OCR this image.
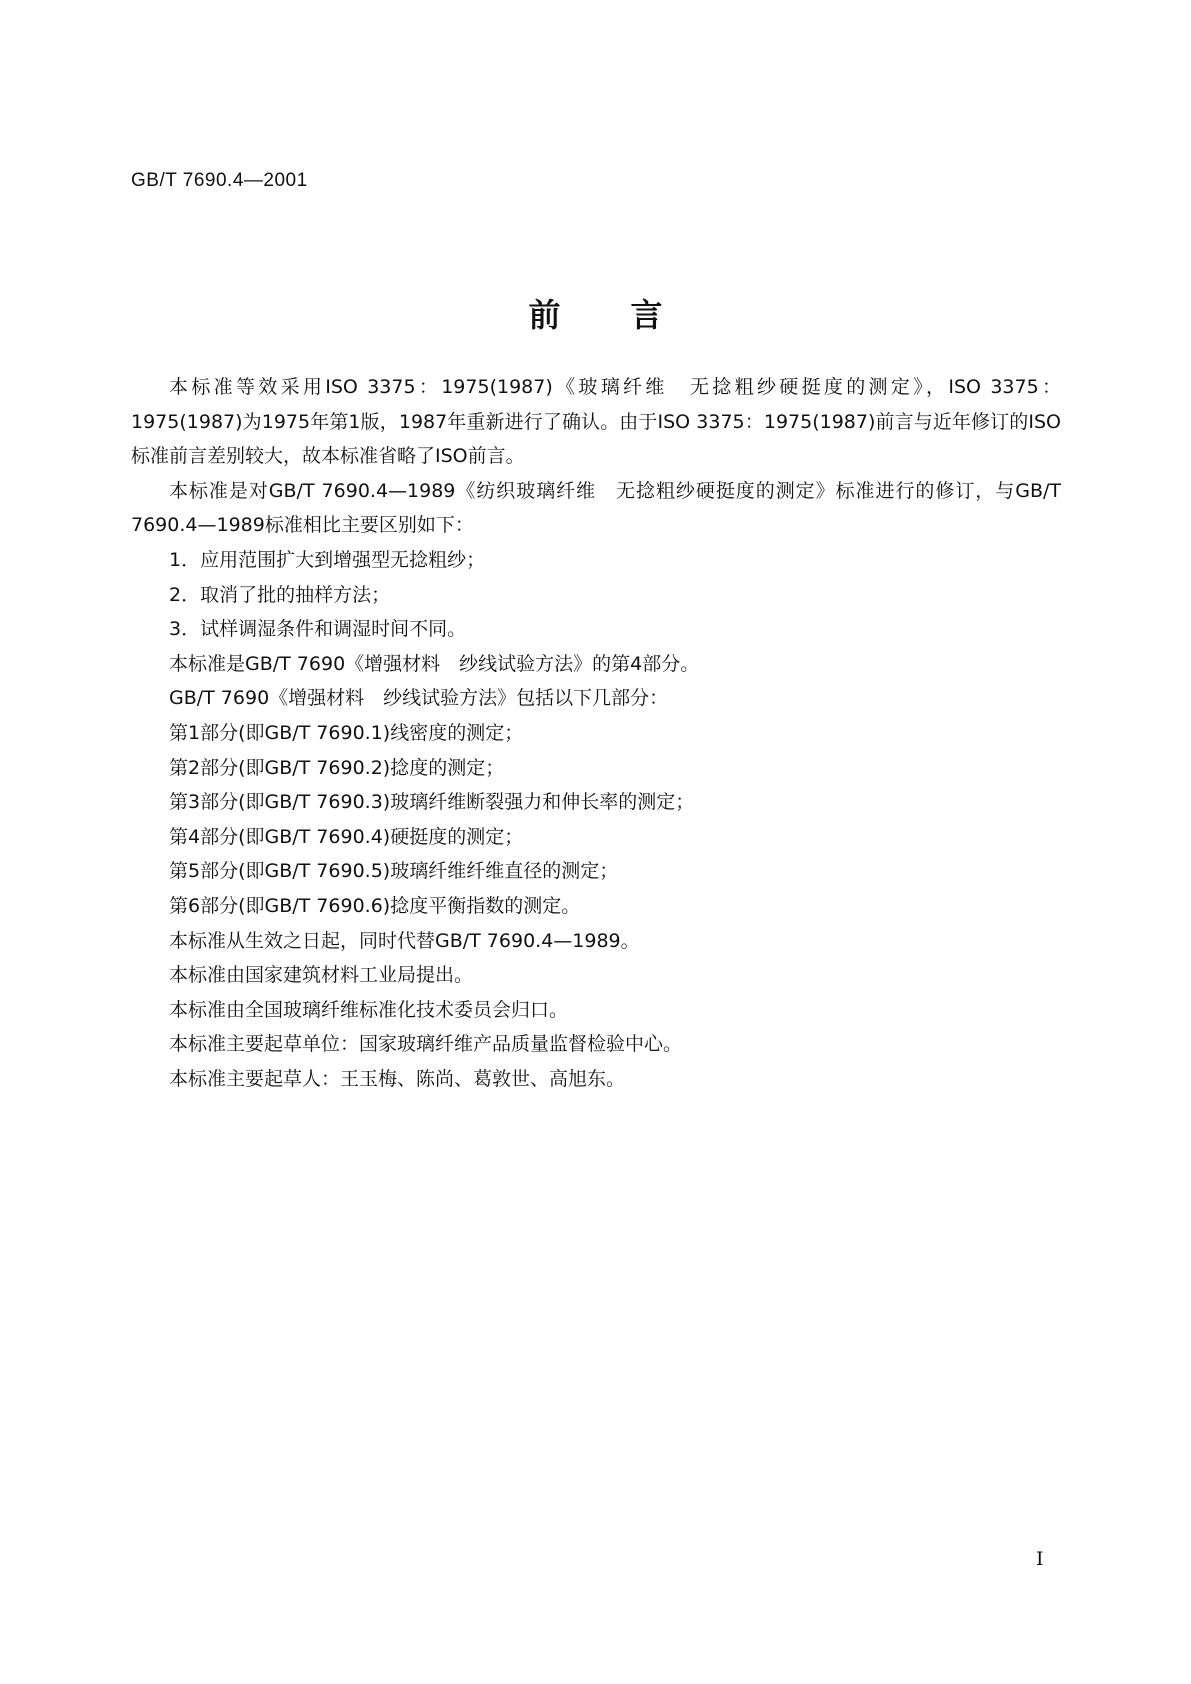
GB/T 7690.4—2001
前 言

本标准等效采用ISO 3375：1975(1987)《玻璃纤维　无捻粗纱硬挺度的测定》，ISO 3375：1975(1987)为1975年第1版，1987年重新进行了确认。由于ISO 3375：1975(1987)前言与近年修订的ISO标准前言差别较大，故本标准省略了ISO前言。

本标准是对GB/T 7690.4—1989《纺织玻璃纤维　无捻粗纱硬挺度的测定》标准进行的修订，与GB/T 7690.4—1989标准相比主要区别如下：

1．应用范围扩大到增强型无捻粗纱；
2．取消了批的抽样方法；
3．试样调湿条件和调湿时间不同。
本标准是GB/T 7690《增强材料　纱线试验方法》的第4部分。
GB/T 7690《增强材料　纱线试验方法》包括以下几部分：
第1部分(即GB/T 7690.1)线密度的测定；
第2部分(即GB/T 7690.2)捻度的测定；
第3部分(即GB/T 7690.3)玻璃纤维断裂强力和伸长率的测定；
第4部分(即GB/T 7690.4)硬挺度的测定；
第5部分(即GB/T 7690.5)玻璃纤维纤维直径的测定；
第6部分(即GB/T 7690.6)捻度平衡指数的测定。
本标准从生效之日起，同时代替GB/T 7690.4—1989。
本标准由国家建筑材料工业局提出。
本标准由全国玻璃纤维标准化技术委员会归口。
本标准主要起草单位：国家玻璃纤维产品质量监督检验中心。
本标准主要起草人：王玉梅、陈尚、葛敦世、高旭东。
I
